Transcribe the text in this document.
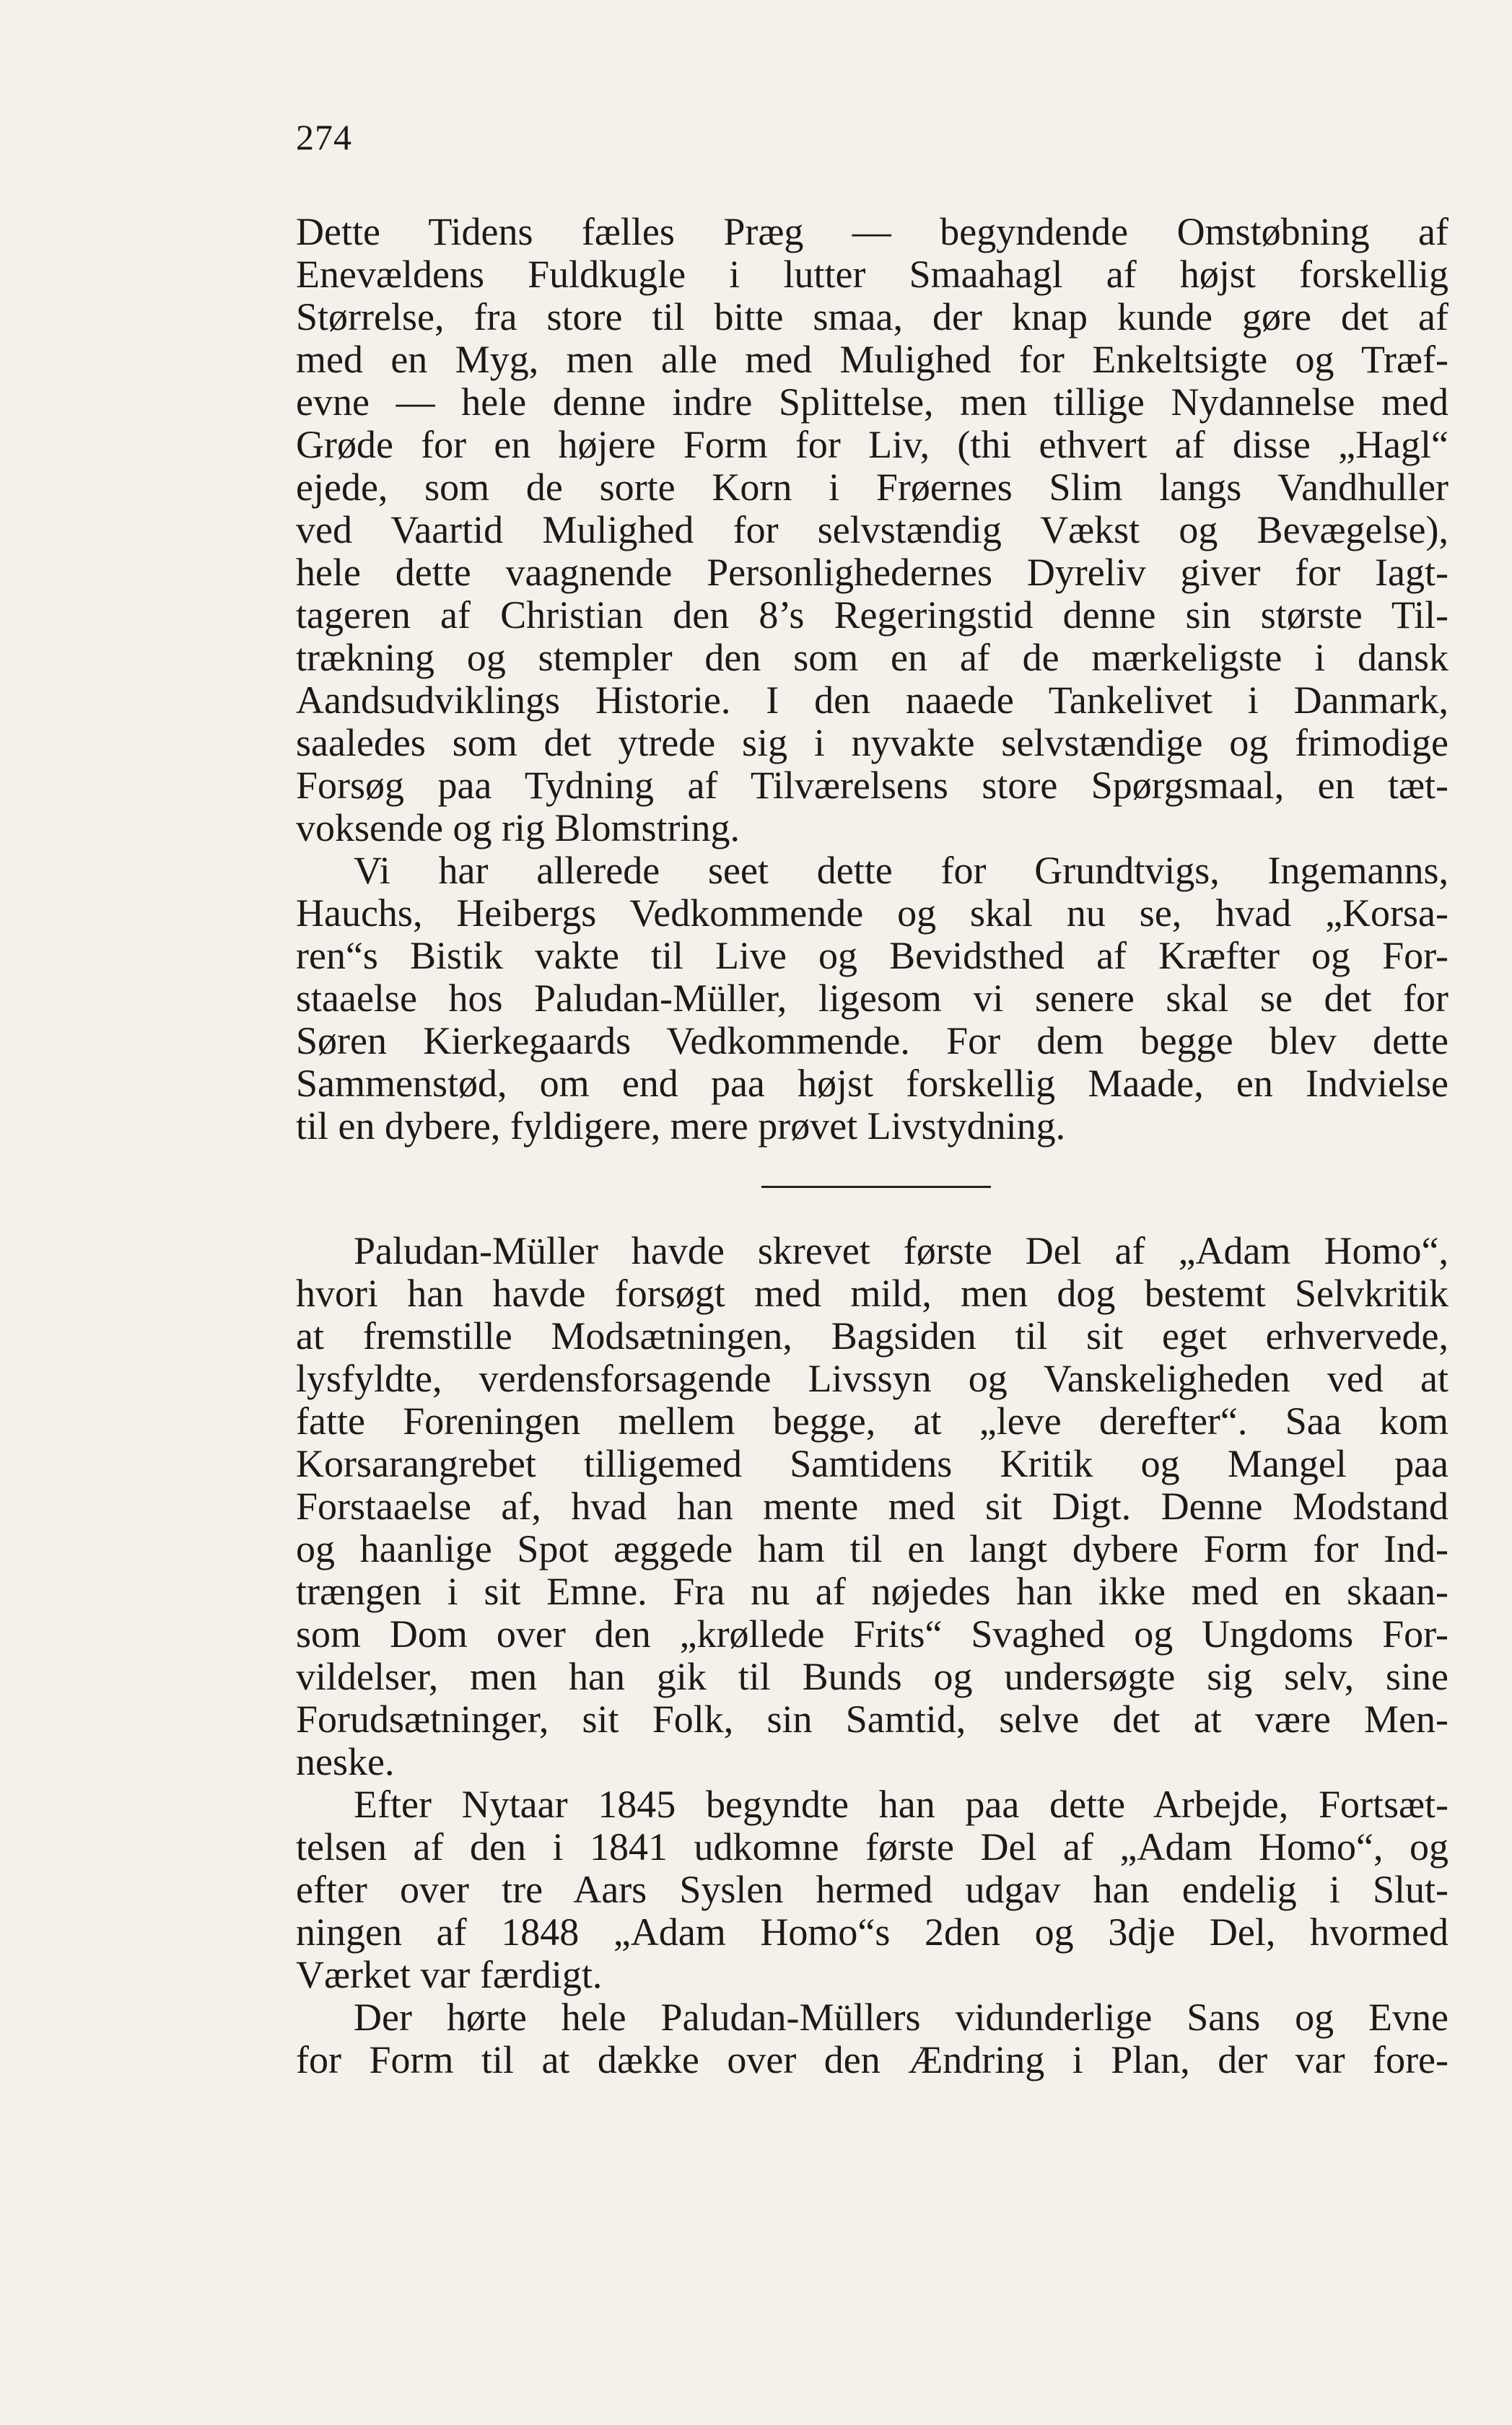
274
Dette Tidens fælles Præg — begyndende Omstøbning af
Enevældens Fuldkugle i lutter Smaahagl af højst forskellig
Størrelse, fra store til bitte smaa, der knap kunde gøre det af
med en Myg, men alle med Mulighed for Enkeltsigte og Træf-
evne — hele denne indre Splittelse, men tillige Nydannelse med
Grøde for en højere Form for Liv, (thi ethvert af disse „Hagl“
ejede, som de sorte Korn i Frøernes Slim langs Vandhuller
ved Vaartid Mulighed for selvstændig Vækst og Bevægelse),
hele dette vaagnende Personlighedernes Dyreliv giver for Iagt-
tageren af Christian den 8’s Regeringstid denne sin største Til-
trækning og stempler den som en af de mærkeligste i dansk
Aandsudviklings Historie. I den naaede Tankelivet i Danmark,
saaledes som det ytrede sig i nyvakte selvstændige og frimodige
Forsøg paa Tydning af Tilværelsens store Spørgsmaal, en tæt-
voksende og rig Blomstring.
Vi har allerede seet dette for Grundtvigs, Ingemanns,
Hauchs, Heibergs Vedkommende og skal nu se, hvad „Korsa-
ren“s Bistik vakte til Live og Bevidsthed af Kræfter og For-
staaelse hos Paludan-Müller, ligesom vi senere skal se det for
Søren Kierkegaards Vedkommende. For dem begge blev dette
Sammenstød, om end paa højst forskellig Maade, en Indvielse
til en dybere, fyldigere, mere prøvet Livstydning.
Paludan-Müller havde skrevet første Del af „Adam Homo“,
hvori han havde forsøgt med mild, men dog bestemt Selvkritik
at fremstille Modsætningen, Bagsiden til sit eget erhvervede,
lysfyldte, verdensforsagende Livssyn og Vanskeligheden ved at
fatte Foreningen mellem begge, at „leve derefter“. Saa kom
Korsarangrebet tilligemed Samtidens Kritik og Mangel paa
Forstaaelse af, hvad han mente med sit Digt. Denne Modstand
og haanlige Spot æggede ham til en langt dybere Form for Ind-
trængen i sit Emne. Fra nu af nøjedes han ikke med en skaan-
som Dom over den „krøllede Frits“ Svaghed og Ungdoms For-
vildelser, men han gik til Bunds og undersøgte sig selv, sine
Forudsætninger, sit Folk, sin Samtid, selve det at være Men-
neske.
Efter Nytaar 1845 begyndte han paa dette Arbejde, Fortsæt-
telsen af den i 1841 udkomne første Del af „Adam Homo“, og
efter over tre Aars Syslen hermed udgav han endelig i Slut-
ningen af 1848 „Adam Homo“s 2den og 3dje Del, hvormed
Værket var færdigt.
Der hørte hele Paludan-Müllers vidunderlige Sans og Evne
for Form til at dække over den Ændring i Plan, der var fore-
